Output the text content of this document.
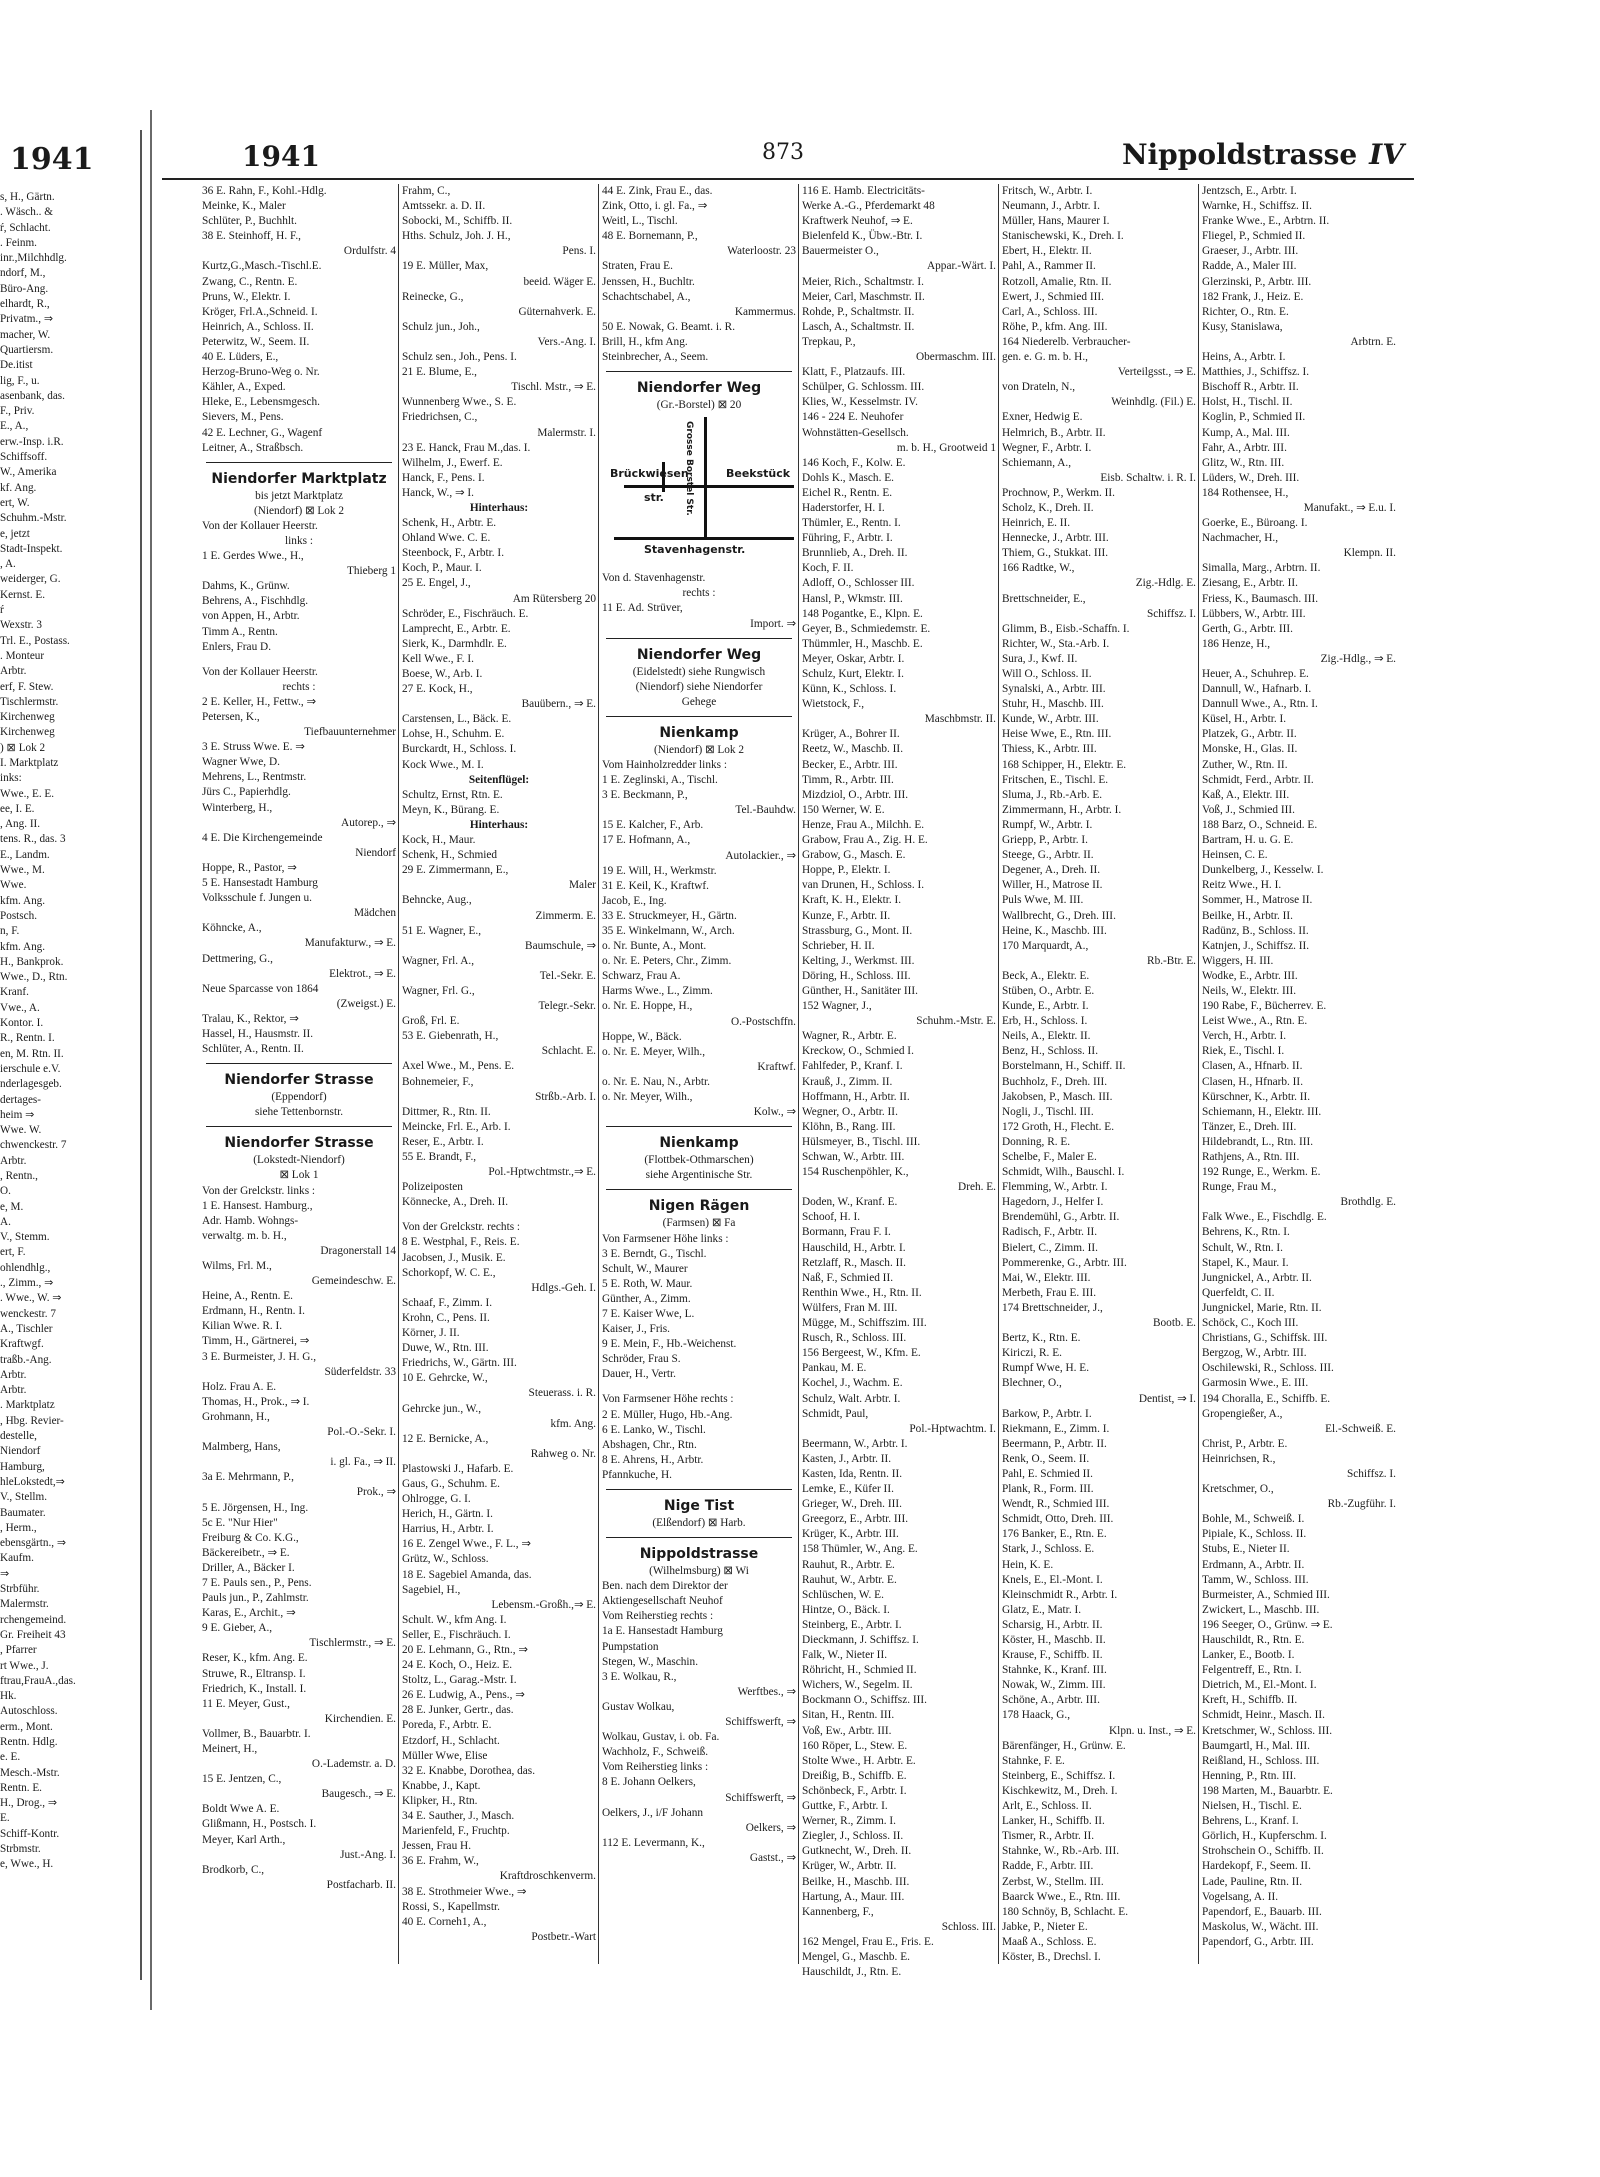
1941
s, H., Gärtn.
. Wäsch.. &
ŕ, Schlacht.
. Feinm.
inr.,Milchhdlg.
ndorf, M.,
Büro-Ang.
elhardt, R.,
Privatm., ⇒
macher, W.
Quartiersm.
De.itist
lig, F., u.
asenbank, das.
F., Priv.
E., A.,
erw.-Insp. i.R.
Schiffsoff.
W., Amerika
kf. Ang.
ert, W.
Schuhm.-Mstr.
e, jetzt
Stadt-Inspekt.
, A.
weiderger, G.
Kernst. E.
ŕ
Wexstr. 3
Trl. E., Postass.
. Monteur
Arbtr.
erf, F. Stew.
Tischlermstr.
Kirchenweg
Kirchenweg
) ⊠ Lok 2
I. Marktplatz
inks:
Wwe., E. E.
ee, I. E.
, Ang. II.
tens. R., das. 3
E., Landm.
Wwe., M.
Wwe.
kfm. Ang.
Postsch.
n, F.
kfm. Ang.
H., Bankprok.
Wwe., D., Rtn.
Kranf.
Vwe., A.
Kontor. I.
R., Rentn. I.
en, M. Rtn. II.
ierschule e.V.
nderlagesgeb.
dertages-
heim ⇒
Wwe. W.
chwenckestr. 7
Arbtr.
, Rentn.,
O.
e, M.
A.
V., Stemm.
ert, F.
ohlendhlg.,
., Zimm., ⇒
. Wwe., W. ⇒
wenckestr. 7
A., Tischler
Kraftwgf.
traßb.-Ang.
Arbtr.
Arbtr.
. Marktplatz
, Hbg. Revier-
destelle,
Niendorf
Hamburg,
hleLokstedt,⇒
V., Stellm.
Baumater.
, Herm.,
ebensgärtn., ⇒
Kaufm.
⇒
Strbführ.
Malermstr.
rchengemeind.
Gr. Freiheit 43
, Pfarrer
rt Wwe., J.
ftrau,FrauA.,das.
Hk.
Autoschloss.
erm., Mont.
Rentn. Hdlg.
e. E.
Mesch.-Mstr.
Rentn. E.
H., Drog., ⇒
E.
Schiff-Kontr.
Strbmstr.
e, Wwe., H.
1941	873	Nippoldstrasse IV
36 E. Rahn, F., Kohl.-Hdlg.
Meinke, K., Maler
Schlüter, P., Buchhlt.
38 E. Steinhoff, H. F.,
Ordulfstr. 4
Kurtz,G.,Masch.-Tischl.E.
Zwang, C., Rentn. E.
Pruns, W., Elektr. I.
Kröger, Frl.A.,Schneid. I.
Heinrich, A., Schloss. II.
Peterwitz, W., Seem. II.
40 E. Lüders, E.,
Herzog-Bruno-Weg o. Nr.
Kähler, A., Exped.
Hleke, E., Lebensmgesch.
Sievers, M., Pens.
42 E. Lechner, G., Wagenf
Leitner, A., Straßbsch.
Niendorfer Marktplatz
bis jetzt Marktplatz
(Niendorf) ⊠ Lok 2
Von der Kollauer Heerstr.
links :
1 E. Gerdes Wwe., H.,
Thieberg 1
Dahms, K., Grünw.
Behrens, A., Fischhdlg.
von Appen, H., Arbtr.
Timm A., Rentn.
Enlers, Frau D.
Von der Kollauer Heerstr.
rechts :
2 E. Keller, H., Fettw., ⇒
Petersen, K.,
Tiefbauunternehmer
3 E. Struss Wwe. E. ⇒
Wagner Wwe, D.
Mehrens, L., Rentmstr.
Jürs C., Papierhdlg.
Winterberg, H.,
Autorep., ⇒
4 E. Die Kirchengemeinde
Niendorf
Hoppe, R., Pastor, ⇒
5 E. Hansestadt Hamburg
Volksschule f. Jungen u.
Mädchen
Köhncke, A.,
Manufakturw., ⇒ E.
Dettmering, G.,
Elektrot., ⇒ E.
Neue Sparcasse von 1864
(Zweigst.) E.
Tralau, K., Rektor, ⇒
Hassel, H., Hausmstr. II.
Schlüter, A., Rentn. II.
Niendorfer Strasse
(Eppendorf)
siehe Tettenbornstr.
Niendorfer Strasse
(Lokstedt-Niendorf)
⊠ Lok 1
Von der Grelckstr. links :
1 E. Hansest. Hamburg.,
Adr. Hamb. Wohngs-
verwaltg. m. b. H.,
Dragonerstall 14
Wilms, Frl. M.,
Gemeindeschw. E.
Heine, A., Rentn. E.
Erdmann, H., Rentn. I.
Kilian Wwe. R. I.
Timm, H., Gärtnerei, ⇒
3 E. Burmeister, J. H. G.,
Süderfeldstr. 33
Holz. Frau A. E.
Thomas, H., Prok., ⇒ I.
Grohmann, H.,
Pol.-O.-Sekr. I.
Malmberg, Hans,
i. gl. Fa., ⇒ II.
3a E. Mehrmann, P.,
Prok., ⇒
5 E. Jörgensen, H., Ing.
5c E. "Nur Hier"
Freiburg & Co. K.G.,
Bäckereibetr., ⇒ E.
Driller, A., Bäcker I.
7 E. Pauls sen., P., Pens.
Pauls jun., P., Zahlmstr.
Karas, E., Archit., ⇒
9 E. Gieber, A.,
Tischlermstr., ⇒ E.
Reser, K., kfm. Ang. E.
Struwe, R., Eltransp. I.
Friedrich, K., Install. I.
11 E. Meyer, Gust.,
Kirchendien. E.
Vollmer, B., Bauarbtr. I.
Meinert, H.,
O.-Lademstr. a. D.
15 E. Jentzen, C.,
Baugesch., ⇒ E.
Boldt Wwe A. E.
Glißmann, H., Postsch. I.
Meyer, Karl Arth.,
Just.-Ang. I.
Brodkorb, C.,
Postfacharb. II.
Frahm, C.,
Amtssekr. a. D. II.
Sobocki, M., Schiffb. II.
Hths. Schulz, Joh. J. H.,
Pens. I.
19 E. Müller, Max,
beeid. Wäger E.
Reinecke, G.,
Güternahverk. E.
Schulz jun., Joh.,
Vers.-Ang. I.
Schulz sen., Joh., Pens. I.
21 E. Blume, E.,
Tischl. Mstr., ⇒ E.
Wunnenberg Wwe., S. E.
Friedrichsen, C.,
Malermstr. I.
23 E. Hanck, Frau M.,das. I.
Wilhelm, J., Ewerf. E.
Hanck, F., Pens. I.
Hanck, W., ⇒ I.
Hinterhaus:
Schenk, H., Arbtr. E.
Ohland Wwe. C. E.
Steenbock, F., Arbtr. I.
Koch, P., Maur. I.
25 E. Engel, J.,
Am Rütersberg 20
Schröder, E., Fischräuch. E.
Lamprecht, E., Arbtr. E.
Sierk, K., Darmhdlr. E.
Kell Wwe., F. I.
Boese, W., Arb. I.
27 E. Kock, H.,
Bauübern., ⇒ E.
Carstensen, L., Bäck. E.
Lohse, H., Schuhm. E.
Burckardt, H., Schloss. I.
Kock Wwe., M. I.
Seitenflügel:
Schultz, Ernst, Rtn. E.
Meyn, K., Bürang. E.
Hinterhaus:
Kock, H., Maur.
Schenk, H., Schmied
29 E. Zimmermann, E.,
Maler
Behncke, Aug.,
Zimmerm. E.
51 E. Wagner, E.,
Baumschule, ⇒
Wagner, Frl. A.,
Tel.-Sekr. E.
Wagner, Frl. G.,
Telegr.-Sekr.
Groß, Frl. E.
53 E. Giebenrath, H.,
Schlacht. E.
Axel Wwe., M., Pens. E.
Bohnemeier, F.,
Strßb.-Arb. I.
Dittmer, R., Rtn. II.
Meincke, Frl. E., Arb. I.
Reser, E., Arbtr. I.
55 E. Brandt, F.,
Pol.-Hptwchtmstr.,⇒ E.
Polizeiposten
Könnecke, A., Dreh. II.
Von der Grelckstr. rechts :
8 E. Westphal, F., Reis. E.
Jacobsen, J., Musik. E.
Schorkopf, W. C. E.,
Hdlgs.-Geh. I.
Schaaf, F., Zimm. I.
Krohn, C., Pens. II.
Körner, J. II.
Duwe, W., Rtn. III.
Friedrichs, W., Gärtn. III.
10 E. Gehrcke, W.,
Steuerass. i. R.
Gehrcke jun., W.,
kfm. Ang.
12 E. Bernicke, A.,
Rahweg o. Nr.
Plastowski J., Hafarb. E.
Gaus, G., Schuhm. E.
Ohlrogge, G. I.
Herich, H., Gärtn. I.
Harrius, H., Arbtr. I.
16 E. Zengel Wwe., F. L., ⇒
Grütz, W., Schloss.
18 E. Sagebiel Amanda, das.
Sagebiel, H.,
Lebensm.-Großh.,⇒ E.
Schult. W., kfm Ang. I.
Seller, E., Fischräuch. I.
20 E. Lehmann, G., Rtn., ⇒
24 E. Koch, O., Heiz. E.
Stoltz, L., Garag.-Mstr. I.
26 E. Ludwig, A., Pens., ⇒
28 E. Junker, Gertr., das.
Poreda, F., Arbtr. E.
Etzdorf, H., Schlacht.
Müller Wwe, Elise
32 E. Knabbe, Dorothea, das.
Knabbe, J., Kapt.
Klipker, H., Rtn.
34 E. Sauther, J., Masch.
Marienfeld, F., Fruchtp.
Jessen, Frau H.
36 E. Frahm, W.,
Kraftdroschkenverm.
38 E. Strothmeier Wwe., ⇒
Rossi, S., Kapellmstr.
40 E. Corneh1, A.,
Postbetr.-Wart
44 E. Zink, Frau E., das.
Zink, Otto, i. gl. Fa., ⇒
Weitl, L., Tischl.
48 E. Bornemann, P.,
Waterloostr. 23
Straten, Frau E.
Jenssen, H., Buchltr.
Schachtschabel, A.,
Kammermus.
50 E. Nowak, G. Beamt. i. R.
Brill, H., kfm Ang.
Steinbrecher, A., Seem.
Niendorfer Weg
(Gr.-Borstel) ⊠ 20
Brückwiesen
str.
Beekstück
Grosse Borstel Str.
Stavenhagenstr.
Von d. Stavenhagenstr.
rechts :
11 E. Ad. Strüver,
Import. ⇒
Niendorfer Weg
(Eidelstedt) siehe Rungwisch
(Niendorf) siehe Niendorfer
Gehege
Nienkamp
(Niendorf) ⊠ Lok 2
Vom Hainholzredder links :
1 E. Zeglinski, A., Tischl.
3 E. Beckmann, P.,
Tel.-Bauhdw.
15 E. Kalcher, F., Arb.
17 E. Hofmann, A.,
Autolackier., ⇒
19 E. Will, H., Werkmstr.
31 E. Keil, K., Kraftwf.
Jacob, E., Ing.
33 E. Struckmeyer, H., Gärtn.
35 E. Winkelmann, W., Arch.
o. Nr. Bunte, A., Mont.
o. Nr. E. Peters, Chr., Zimm.
Schwarz, Frau A.
Harms Wwe., L., Zimm.
o. Nr. E. Hoppe, H.,
O.-Postschffn.
Hoppe, W., Bäck.
o. Nr. E. Meyer, Wilh.,
Kraftwf.
o. Nr. E. Nau, N., Arbtr.
o. Nr. Meyer, Wilh.,
Kolw., ⇒
Nienkamp
(Flottbek-Othmarschen)
siehe Argentinische Str.
Nigen Rägen
(Farmsen) ⊠ Fa
Von Farmsener Höhe links :
3 E. Berndt, G., Tischl.
Schult, W., Maurer
5 E. Roth, W. Maur.
Günther, A., Zimm.
7 E. Kaiser Wwe, L.
Kaiser, J., Fris.
9 E. Mein, F., Hb.-Weichenst.
Schröder, Frau S.
Dauer, H., Vertr.
Von Farmsener Höhe rechts :
2 E. Müller, Hugo, Hb.-Ang.
6 E. Lanko, W., Tischl.
Abshagen, Chr., Rtn.
8 E. Ahrens, H., Arbtr.
Pfannkuche, H.
Nige Tist
(Elßendorf) ⊠ Harb.
Nippoldstrasse
(Wilhelmsburg) ⊠ Wi
Ben. nach dem Direktor der
Aktiengesellschaft Neuhof
Vom Reiherstieg rechts :
1a E. Hansestadt Hamburg
Pumpstation
Stegen, W., Maschin.
3 E. Wolkau, R.,
Werftbes., ⇒
Gustav Wolkau,
Schiffswerft, ⇒
Wolkau, Gustav, i. ob. Fa.
Wachholz, F., Schweiß.
Vom Reiherstieg links :
8 E. Johann Oelkers,
Schiffswerft, ⇒
Oelkers, J., i/F Johann
Oelkers, ⇒
112 E. Levermann, K.,
Gastst., ⇒
116 E. Hamb. Electricitäts-
Werke A.-G., Pferdemarkt 48
Kraftwerk Neuhof, ⇒ E.
Bielenfeld K., Übw.-Btr. I.
Bauermeister O.,
Appar.-Wärt. I.
Meier, Rich., Schaltmstr. I.
Meier, Carl, Maschmstr. II.
Rohde, P., Schaltmstr. II.
Lasch, A., Schaltmstr. II.
Trepkau, P.,
Obermaschm. III.
Klatt, F., Platzaufs. III.
Schülper, G. Schlossm. III.
Klies, W., Kesselmstr. IV.
146 - 224 E. Neuhofer
Wohnstätten-Gesellsch.
m. b. H., Grootweid 1
146 Koch, F., Kolw. E.
Dohls K., Masch. E.
Eichel R., Rentn. E.
Haderstorfer, H. I.
Thümler, E., Rentn. I.
Führing, F., Arbtr. I.
Brunnlieb, A., Dreh. II.
Koch, F. II.
Adloff, O., Schlosser III.
Hansl, P., Wkmstr. III.
148 Pogantke, E., Klpn. E.
Geyer, B., Schmiedemstr. E.
Thümmler, H., Maschb. E.
Meyer, Oskar, Arbtr. I.
Schulz, Kurt, Elektr. I.
Künn, K., Schloss. I.
Wietstock, F.,
Maschbmstr. II.
Krüger, A., Bohrer II.
Reetz, W., Maschb. II.
Becker, E., Arbtr. III.
Timm, R., Arbtr. III.
Mizdziol, O., Arbtr. III.
150 Werner, W. E.
Henze, Frau A., Milchh. E.
Grabow, Frau A., Zig. H. E.
Grabow, G., Masch. E.
Hoppe, P., Elektr. I.
van Drunen, H., Schloss. I.
Kraft, K. H., Elektr. I.
Kunze, F., Arbtr. II.
Strassburg, G., Mont. II.
Schrieber, H. II.
Kelting, J., Werkmst. III.
Döring, H., Schloss. III.
Günther, H., Sanitäter III.
152 Wagner, J.,
Schuhm.-Mstr. E.
Wagner, R., Arbtr. E.
Kreckow, O., Schmied I.
Fahlfeder, P., Kranf. I.
Krauß, J., Zimm. II.
Hoffmann, H., Arbtr. II.
Wegner, O., Arbtr. II.
Klöhn, B., Rang. III.
Hülsmeyer, B., Tischl. III.
Schwan, W., Arbtr. III.
154 Ruschenpöhler, K.,
Dreh. E.
Doden, W., Kranf. E.
Schoof, H. I.
Bormann, Frau F. I.
Hauschild, H., Arbtr. I.
Retzlaff, R., Masch. II.
Naß, F., Schmied II.
Renthin Wwe., H., Rtn. II.
Wülfers, Fran M. III.
Mügge, M., Schiffszim. III.
Rusch, R., Schloss. III.
156 Bergeest, W., Kfm. E.
Pankau, M. E.
Kochel, J., Wachm. E.
Schulz, Walt. Arbtr. I.
Schmidt, Paul,
Pol.-Hptwachtm. I.
Beermann, W., Arbtr. I.
Kasten, J., Arbtr. II.
Kasten, Ida, Rentn. II.
Lemke, E., Küfer II.
Grieger, W., Dreh. III.
Greegorz, E., Arbtr. III.
Krüger, K., Arbtr. III.
158 Thümler, W., Ang. E.
Rauhut, R., Arbtr. E.
Rauhut, W., Arbtr. E.
Schlüschen, W. E.
Hintze, O., Bäck. I.
Steinberg, E., Arbtr. I.
Dieckmann, J. Schiffsz. I.
Falk, W., Nieter II.
Röhricht, H., Schmied II.
Wichers, W., Segelm. II.
Bockmann O., Schiffsz. III.
Sitan, H., Rentn. III.
Voß, Ew., Arbtr. III.
160 Röper, L., Stew. E.
Stolte Wwe., H. Arbtr. E.
Dreißig, B., Schiffb. E.
Schönbeck, F., Arbtr. I.
Guttke, F., Arbtr. I.
Werner, R., Zimm. I.
Ziegler, J., Schloss. II.
Gutknecht, W., Dreh. II.
Krüger, W., Arbtr. II.
Beilke, H., Maschb. III.
Hartung, A., Maur. III.
Kannenberg, F.,
Schloss. III.
162 Mengel, Frau E., Fris. E.
Mengel, G., Maschb. E.
Hauschildt, J., Rtn. E.
Fritsch, W., Arbtr. I.
Neumann, J., Arbtr. I.
Müller, Hans, Maurer I.
Stanischewski, K., Dreh. I.
Ebert, H., Elektr. II.
Pahl, A., Rammer II.
Rotzoll, Amalie, Rtn. II.
Ewert, J., Schmied III.
Carl, A., Schloss. III.
Röhe, P., kfm. Ang. III.
164 Niederelb. Verbraucher-
gen. e. G. m. b. H.,
Verteilgsst., ⇒ E.
von Drateln, N.,
Weinhdlg. (Fil.) E.
Exner, Hedwig E.
Helmrich, B., Arbtr. II.
Wegner, F., Arbtr. I.
Schiemann, A.,
Eisb. Schaltw. i. R. I.
Prochnow, P., Werkm. II.
Scholz, K., Dreh. II.
Heinrich, E. II.
Hennecke, J., Arbtr. III.
Thiem, G., Stukkat. III.
166 Radtke, W.,
Zig.-Hdlg. E.
Brettschneider, E.,
Schiffsz. I.
Glimm, B., Eisb.-Schaffn. I.
Richter, W., Sta.-Arb. I.
Sura, J., Kwf. II.
Will O., Schloss. II.
Synalski, A., Arbtr. III.
Stuhr, H., Maschb. III.
Kunde, W., Arbtr. III.
Heise Wwe, E., Rtn. III.
Thiess, K., Arbtr. III.
168 Schipper, H., Elektr. E.
Fritschen, E., Tischl. E.
Sluma, J., Rb.-Arb. E.
Zimmermann, H., Arbtr. I.
Rumpf, W., Arbtr. I.
Griepp, P., Arbtr. I.
Steege, G., Arbtr. II.
Degener, A., Dreh. II.
Willer, H., Matrose II.
Puls Wwe, M. III.
Wallbrecht, G., Dreh. III.
Heine, K., Maschb. III.
170 Marquardt, A.,
Rb.-Btr. E.
Beck, A., Elektr. E.
Stüben, O., Arbtr. E.
Kunde, E., Arbtr. I.
Erb, H., Schloss. I.
Neils, A., Elektr. II.
Benz, H., Schloss. II.
Borstelmann, H., Schiff. II.
Buchholz, F., Dreh. III.
Jakobsen, P., Masch. III.
Nogli, J., Tischl. III.
172 Groth, H., Flecht. E.
Donning, R. E.
Schelbe, F., Maler E.
Schmidt, Wilh., Bauschl. I.
Flemming, W., Arbtr. I.
Hagedorn, J., Helfer I.
Brendemühl, G., Arbtr. II.
Radisch, F., Arbtr. II.
Bielert, C., Zimm. II.
Pommerenke, G., Arbtr. III.
Mai, W., Elektr. III.
Merbeth, Frau E. III.
174 Brettschneider, J.,
Bootb. E.
Bertz, K., Rtn. E.
Kiriczi, R. E.
Rumpf Wwe, H. E.
Blechner, O.,
Dentist, ⇒ I.
Barkow, P., Arbtr. I.
Riekmann, E., Zimm. I.
Beermann, P., Arbtr. II.
Renk, O., Seem. II.
Pahl, E. Schmied II.
Plank, R., Form. III.
Wendt, R., Schmied III.
Schmidt, Otto, Dreh. III.
176 Banker, E., Rtn. E.
Stark, J., Schloss. E.
Hein, K. E.
Knels, E., El.-Mont. I.
Kleinschmidt R., Arbtr. I.
Glatz, E., Matr. I.
Scharsig, H., Arbtr. II.
Köster, H., Maschb. II.
Krause, F., Schiffb. II.
Stahnke, K., Kranf. III.
Nowak, W., Zimm. III.
Schöne, A., Arbtr. III.
178 Haack, G.,
Klpn. u. Inst., ⇒ E.
Bärenfänger, H., Grünw. E.
Stahnke, F. E.
Steinberg, E., Schiffsz. I.
Kischkewitz, M., Dreh. I.
Arlt, E., Schloss. II.
Lanker, H., Schiffb. II.
Tismer, R., Arbtr. II.
Stahnke, W., Rb.-Arb. III.
Radde, F., Arbtr. III.
Zerbst, W., Stellm. III.
Baarck Wwe., E., Rtn. III.
180 Schnöy, B, Schlacht. E.
Jabke, P., Nieter E.
Maaß A., Schloss. E.
Köster, B., Drechsl. I.
Jentzsch, E., Arbtr. I.
Warnke, H., Schiffsz. II.
Franke Wwe., E., Arbtrn. II.
Fliegel, P., Schmied II.
Graeser, J., Arbtr. III.
Radde, A., Maler III.
Glerzinski, P., Arbtr. III.
182 Frank, J., Heiz. E.
Richter, O., Rtn. E.
Kusy, Stanislawa,
Arbtrn. E.
Heins, A., Arbtr. I.
Matthies, J., Schiffsz. I.
Bischoff R., Arbtr. II.
Holst, H., Tischl. II.
Koglin, P., Schmied II.
Kump, A., Mal. III.
Fahr, A., Arbtr. III.
Glitz, W., Rtn. III.
Lüders, W., Dreh. III.
184 Rothensee, H.,
Manufakt., ⇒ E.u. I.
Goerke, E., Büroang. I.
Nachmacher, H.,
Klempn. II.
Simalla, Marg., Arbtrn. II.
Ziesang, E., Arbtr. II.
Friess, K., Baumasch. III.
Lübbers, W., Arbtr. III.
Gerth, G., Arbtr. III.
186 Henze, H.,
Zig.-Hdlg., ⇒ E.
Heuer, A., Schuhrep. E.
Dannull, W., Hafnarb. I.
Dannull Wwe., A., Rtn. I.
Küsel, H., Arbtr. I.
Platzek, G., Arbtr. II.
Monske, H., Glas. II.
Zuther, W., Rtn. II.
Schmidt, Ferd., Arbtr. II.
Kaß, A., Elektr. III.
Voß, J., Schmied III.
188 Barz, O., Schneid. E.
Bartram, H. u. G. E.
Heinsen, C. E.
Dunkelberg, J., Kesselw. I.
Reitz Wwe., H. I.
Sommer, H., Matrose II.
Beilke, H., Arbtr. II.
Radünz, B., Schloss. II.
Katnjen, J., Schiffsz. II.
Wiggers, H. III.
Wodke, E., Arbtr. III.
Neils, W., Elektr. III.
190 Rabe, F., Bücherrev. E.
Leist Wwe., A., Rtn. E.
Verch, H., Arbtr. I.
Riek, E., Tischl. I.
Clasen, A., Hfnarb. II.
Clasen, H., Hfnarb. II.
Kürschner, K., Arbtr. II.
Schiemann, H., Elektr. III.
Tänzer, E., Dreh. III.
Hildebrandt, L., Rtn. III.
Rathjens, A., Rtn. III.
192 Runge, E., Werkm. E.
Runge, Frau M.,
Brothdlg. E.
Falk Wwe., E., Fischdlg. E.
Behrens, K., Rtn. I.
Schult, W., Rtn. I.
Stapel, K., Maur. I.
Jungnickel, A., Arbtr. II.
Querfeldt, C. II.
Jungnickel, Marie, Rtn. II.
Schöck, C., Koch III.
Christians, G., Schiffsk. III.
Bergzog, W., Arbtr. III.
Oschilewski, R., Schloss. III.
Garmosin Wwe., E. III.
194 Choralla, E., Schiffb. E.
Gropengießer, A.,
El.-Schweiß. E.
Christ, P., Arbtr. E.
Heinrichsen, R.,
Schiffsz. I.
Kretschmer, O.,
Rb.-Zugführ. I.
Bohle, M., Schweiß. I.
Pipiale, K., Schloss. II.
Stubs, E., Nieter II.
Erdmann, A., Arbtr. II.
Tamm, W., Schloss. III.
Burmeister, A., Schmied III.
Zwickert, L., Maschb. III.
196 Seeger, O., Grünw. ⇒ E.
Hauschildt, R., Rtn. E.
Lanker, E., Bootb. I.
Felgentreff, E., Rtn. I.
Dietrich, M., El.-Mont. I.
Kreft, H., Schiffb. II.
Schmidt, Heinr., Masch. II.
Kretschmer, W., Schloss. III.
Baumgartl, H., Mal. III.
Reißland, H., Schloss. III.
Henning, P., Rtn. III.
198 Marten, M., Bauarbtr. E.
Nielsen, H., Tischl. E.
Behrens, L., Kranf. I.
Görlich, H., Kupferschm. I.
Strohschein O., Schiffb. II.
Hardekopf, F., Seem. II.
Lade, Pauline, Rtn. II.
Vogelsang, A. II.
Papendorf, E., Bauarb. III.
Maskolus, W., Wächt. III.
Papendorf, G., Arbtr. III.
